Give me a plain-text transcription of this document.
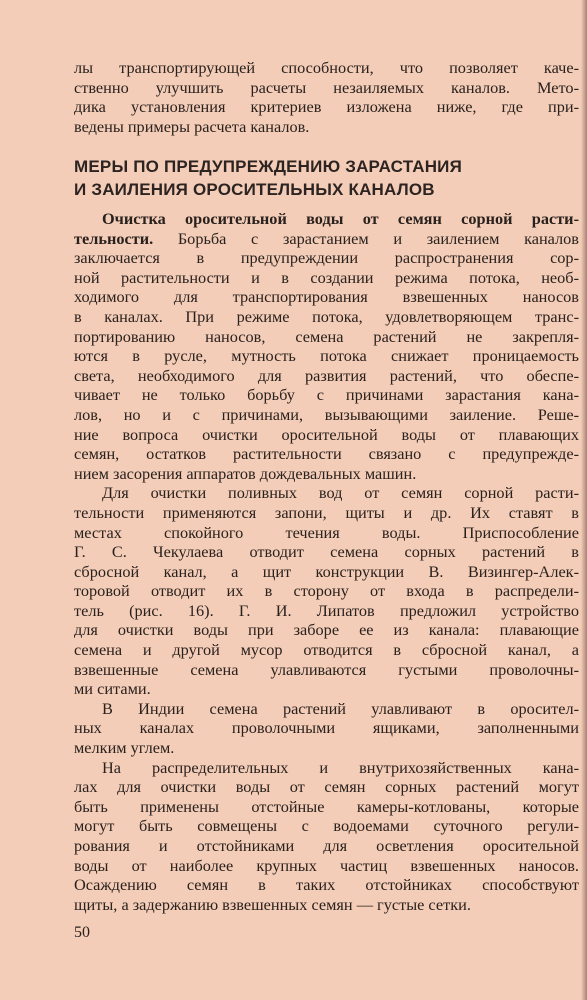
лы транспортирующей способности, что позволяет каче-
ственно улучшить расчеты незаиляемых каналов. Мето-
дика установления критериев изложена ниже, где при-
ведены примеры расчета каналов.
МЕРЫ ПО ПРЕДУПРЕЖДЕНИЮ ЗАРАСТАНИЯ
И ЗАИЛЕНИЯ ОРОСИТЕЛЬНЫХ КАНАЛОВ
Очистка оросительной воды от семян сорной расти-
тельности. Борьба с зарастанием и заилением каналов
заключается в предупреждении распространения сор-
ной растительности и в создании режима потока, необ-
ходимого для транспортирования взвешенных наносов
в каналах. При режиме потока, удовлетворяющем транс-
портированию наносов, семена растений не закрепля-
ются в русле, мутность потока снижает проницаемость
света, необходимого для развития растений, что обеспе-
чивает не только борьбу с причинами зарастания кана-
лов, но и с причинами, вызывающими заиление. Реше-
ние вопроса очистки оросительной воды от плавающих
семян, остатков растительности связано с предупрежде-
нием засорения аппаратов дождевальных машин.
Для очистки поливных вод от семян сорной расти-
тельности применяются запони, щиты и др. Их ставят в
местах спокойного течения воды. Приспособление
Г. С. Чекулаева отводит семена сорных растений в
сбросной канал, а щит конструкции В. Визингер-Алек-
торовой отводит их в сторону от входа в распредели-
тель (рис. 16). Г. И. Липатов предложил устройство
для очистки воды при заборе ее из канала: плавающие
семена и другой мусор отводится в сбросной канал, а
взвешенные семена улавливаются густыми проволочны-
ми ситами.
В Индии семена растений улавливают в оросител-
ных каналах проволочными ящиками, заполненными
мелким углем.
На распределительных и внутрихозяйственных кана-
лах для очистки воды от семян сорных растений могут
быть применены отстойные камеры-котлованы, которые
могут быть совмещены с водоемами суточного регули-
рования и отстойниками для осветления оросительной
воды от наиболее крупных частиц взвешенных наносов.
Осаждению семян в таких отстойниках способствуют
щиты, а задержанию взвешенных семян — густые сетки.
50
